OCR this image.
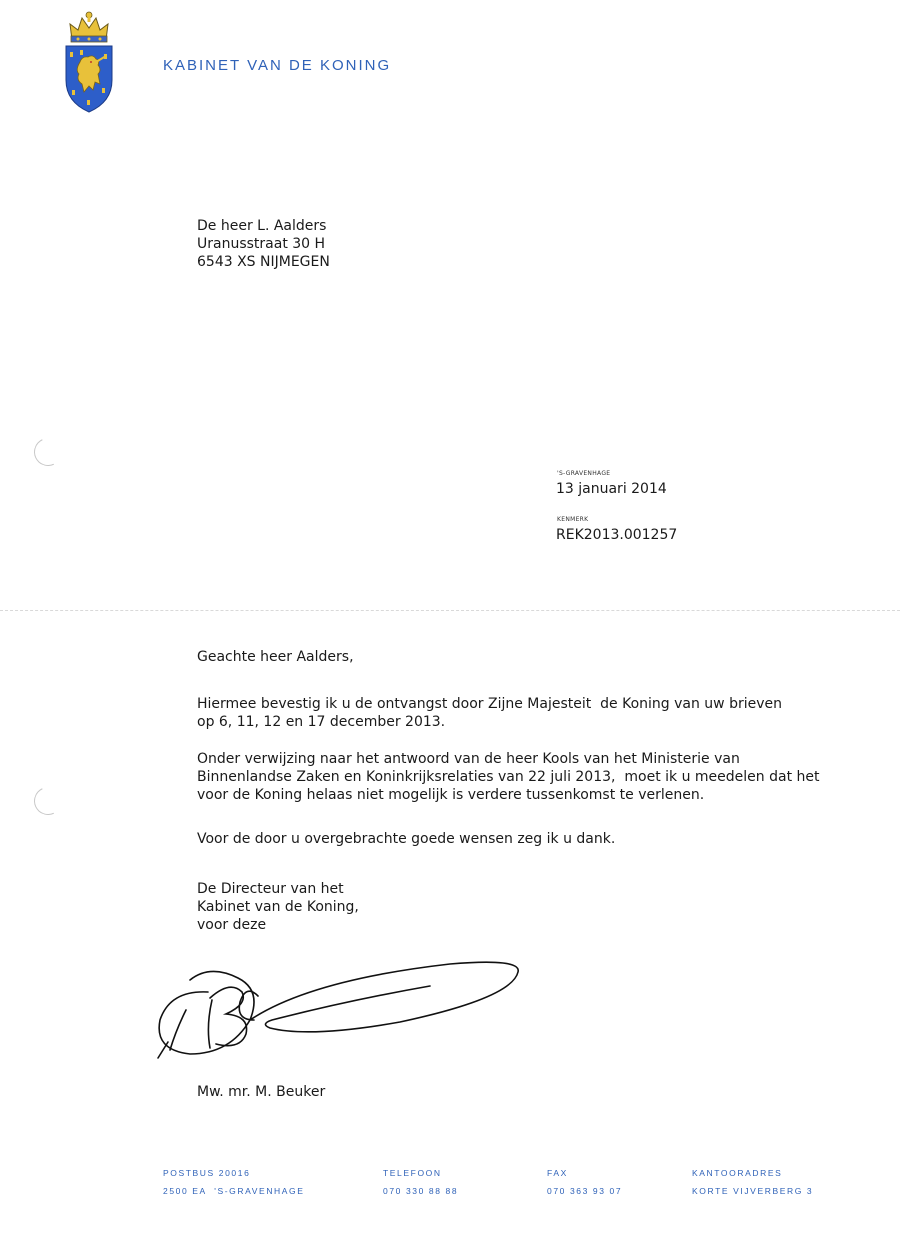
KABINET VAN DE KONING
De heer L. Aalders
Uranusstraat 30 H
6543 XS NIJMEGEN
'S-GRAVENHAGE
13 januari 2014
KENMERK
REK2013.001257
Geachte heer Aalders,
Hiermee bevestig ik u de ontvangst door Zijne Majesteit  de Koning van uw brieven
op 6, 11, 12 en 17 december 2013.
Onder verwijzing naar het antwoord van de heer Kools van het Ministerie van
Binnenlandse Zaken en Koninkrijksrelaties van 22 juli 2013,  moet ik u meedelen dat het
voor de Koning helaas niet mogelijk is verdere tussenkomst te verlenen.
Voor de door u overgebrachte goede wensen zeg ik u dank.
De Directeur van het
Kabinet van de Koning,
voor deze
Mw. mr. M. Beuker
POSTBUS 20016
2500 EA  'S-GRAVENHAGE
TELEFOON
070 330 88 88
FAX
070 363 93 07
KANTOORADRES
KORTE VIJVERBERG 3
